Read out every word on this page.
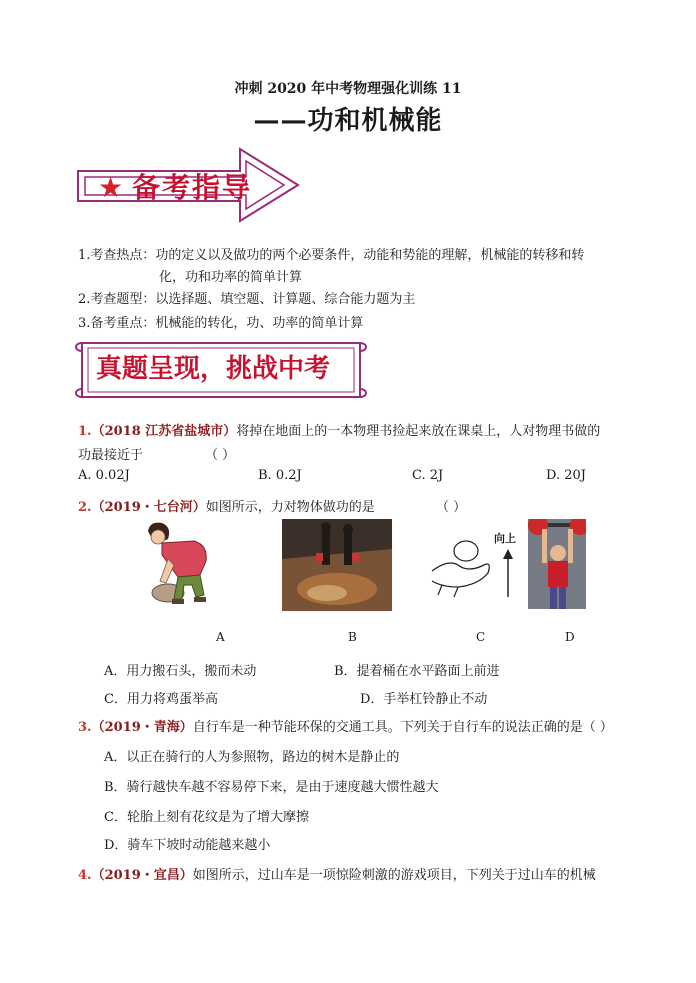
冲刺 2020 年中考物理强化训练 11
——功和机械能
★ 备考指导
1.考查热点：功的定义以及做功的两个必要条件，动能和势能的理解，机械能的转移和转
化，功和功率的简单计算
2.考查题型：以选择题、填空题、计算题、综合能力题为主
3.备考重点：机械能的转化，功、功率的简单计算
真题呈现，挑战中考
1.（2018 江苏省盐城市）将掉在地面上的一本物理书捡起来放在课桌上，人对物理书做的
功最接近于	（ ）
A. 0.02J	B. 0.2J	C. 2J	D. 20J
2.（2019・七台河）如图所示，力对物体做功的是	（ ）
向上
A	B	C	D
A．用力搬石头，搬而未动	B．提着桶在水平路面上前进
C．用力将鸡蛋举高	D．手举杠铃静止不动
3.（2019・青海）自行车是一种节能环保的交通工具。下列关于自行车的说法正确的是（ ）
A．以正在骑行的人为参照物，路边的树木是静止的
B．骑行越快车越不容易停下来，是由于速度越大惯性越大
C．轮胎上刻有花纹是为了增大摩擦
D．骑车下坡时动能越来越小
4.（2019・宜昌）如图所示，过山车是一项惊险刺激的游戏项目，下列关于过山车的机械
